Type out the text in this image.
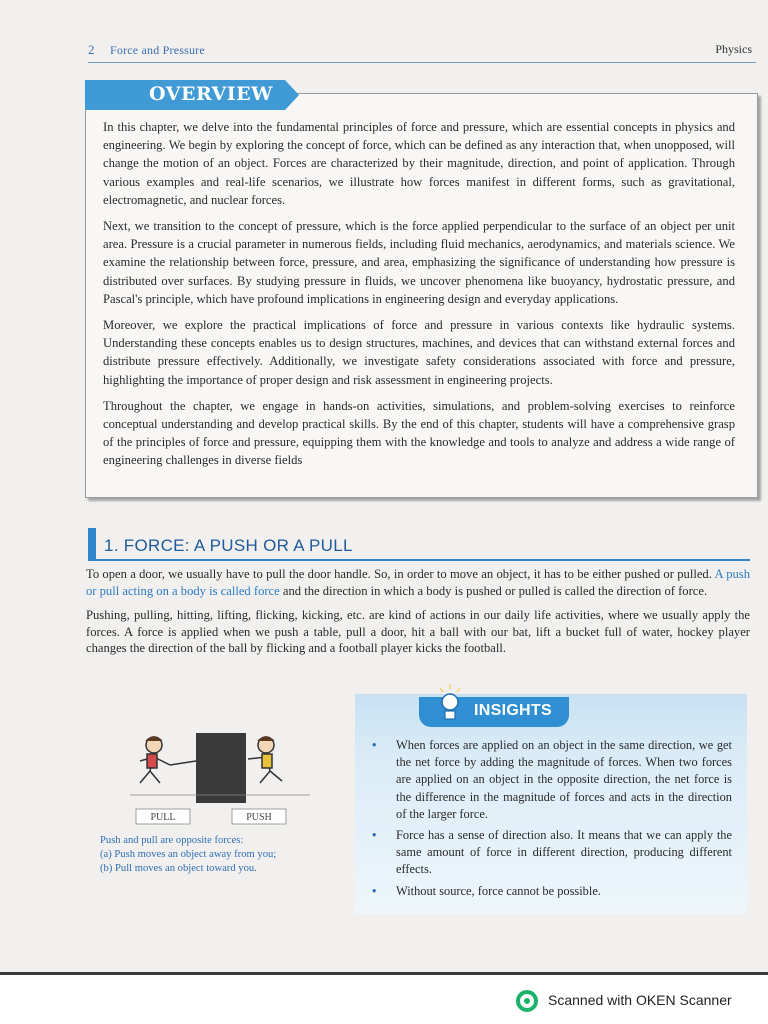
2 Force and Pressure	Physics
OVERVIEW

In this chapter, we delve into the fundamental principles of force and pressure, which are essential concepts in physics and engineering. We begin by exploring the concept of force, which can be defined as any interaction that, when unopposed, will change the motion of an object. Forces are characterized by their magnitude, direction, and point of application. Through various examples and real-life scenarios, we illustrate how forces manifest in different forms, such as gravitational, electromagnetic, and nuclear forces.

Next, we transition to the concept of pressure, which is the force applied perpendicular to the surface of an object per unit area. Pressure is a crucial parameter in numerous fields, including fluid mechanics, aerodynamics, and materials science. We examine the relationship between force, pressure, and area, emphasizing the significance of understanding how pressure is distributed over surfaces. By studying pressure in fluids, we uncover phenomena like buoyancy, hydrostatic pressure, and Pascal's principle, which have profound implications in engineering design and everyday applications.

Moreover, we explore the practical implications of force and pressure in various contexts like hydraulic systems. Understanding these concepts enables us to design structures, machines, and devices that can withstand external forces and distribute pressure effectively. Additionally, we investigate safety considerations associated with force and pressure, highlighting the importance of proper design and risk assessment in engineering projects.

Throughout the chapter, we engage in hands-on activities, simulations, and problem-solving exercises to reinforce conceptual understanding and develop practical skills. By the end of this chapter, students will have a comprehensive grasp of the principles of force and pressure, equipping them with the knowledge and tools to analyze and address a wide range of engineering challenges in diverse fields

1. FORCE: A PUSH OR A PULL

To open a door, we usually have to pull the door handle. So, in order to move an object, it has to be either pushed or pulled. A push or pull acting on a body is called force and the direction in which a body is pushed or pulled is called the direction of force.

Pushing, pulling, hitting, lifting, flicking, kicking, etc. are kind of actions in our daily life activities, where we usually apply the forces. A force is applied when we push a table, pull a door, hit a ball with our bat, lift a bucket full of water, hockey player changes the direction of the ball by flicking and a football player kicks the football.

PULL	PUSH
Push and pull are opposite forces:
(a) Push moves an object away from you;
(b) Pull moves an object toward you.
INSIGHTS
• When forces are applied on an object in the same direction, we get the net force by adding the magnitude of forces. When two forces are applied on an object in the opposite direction, the net force is the difference in the magnitude of forces and acts in the direction of the larger force.
• Force has a sense of direction also. It means that we can apply the same amount of force in different direction, producing different effects.
• Without source, force cannot be possible.
Scanned with OKEN Scanner
